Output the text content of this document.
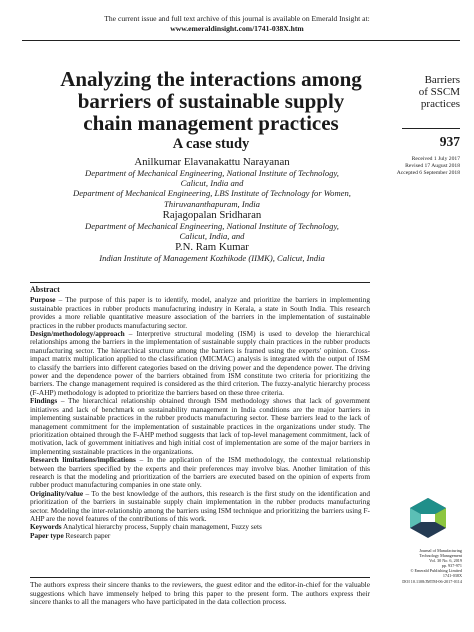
The current issue and full text archive of this journal is available on Emerald Insight at:
www.emeraldinsight.com/1741-038X.htm
Analyzing the interactions among
barriers of sustainable supply
chain management practices
A case study
Anilkumar Elavanakattu Narayanan
Department of Mechanical Engineering, National Institute of Technology,
Calicut, India and
Department of Mechanical Engineering, LBS Institute of Technology for Women,
Thiruvananthapuram, India
Rajagopalan Sridharan
Department of Mechanical Engineering, National Institute of Technology,
Calicut, India, and
P.N. Ram Kumar
Indian Institute of Management Kozhikode (IIMK), Calicut, India
Barriers
of SSCM
practices
937
Received 1 July 2017
Revised 17 August 2018
Accepted 6 September 2018
Abstract

Purpose – The purpose of this paper is to identify, model, analyze and prioritize the barriers in implementing sustainable practices in rubber products manufacturing industry in Kerala, a state in South India. This research provides a more reliable quantitative measure association of the barriers in the implementation of sustainable practices in the rubber products manufacturing sector.

Design/methodology/approach – Interpretive structural modeling (ISM) is used to develop the hierarchical relationships among the barriers in the implementation of sustainable supply chain practices in the rubber products manufacturing sector. The hierarchical structure among the barriers is framed using the experts' opinion. Cross-impact matrix multiplication applied to the classification (MICMAC) analysis is integrated with the output of ISM to classify the barriers into different categories based on the driving power and the dependence power. The driving power and the dependence power of the barriers obtained from ISM constitute two criteria for prioritizing the barriers. The change management required is considered as the third criterion. The fuzzy-analytic hierarchy process (F-AHP) methodology is adopted to prioritize the barriers based on these three criteria.

Findings – The hierarchical relationship obtained through ISM methodology shows that lack of government initiatives and lack of benchmark on sustainability management in India conditions are the major barriers in implementing sustainable practices in the rubber products manufacturing sector. These barriers lead to the lack of management commitment for the implementation of sustainable practices in the organizations under study. The prioritization obtained through the F-AHP method suggests that lack of top-level management commitment, lack of motivation, lack of government initiatives and high initial cost of implementation are some of the major barriers in implementing sustainable practices in the organizations.

Research limitations/implications – In the application of the ISM methodology, the contextual relationship between the barriers specified by the experts and their preferences may involve bias. Another limitation of this research is that the modeling and prioritization of the barriers are executed based on the opinion of experts from rubber product manufacturing companies in one state only.

Originality/value – To the best knowledge of the authors, this research is the first study on the identification and prioritization of the barriers in sustainable supply chain implementation in the rubber products manufacturing sector. Modeling the inter-relationship among the barriers using ISM technique and prioritizing the barriers using F-AHP are the novel features of the contributions of this work.

Keywords Analytical hierarchy process, Supply chain management, Fuzzy sets

Paper type Research paper

Journal of Manufacturing
Technology Management
Vol. 30 No. 6, 2019
pp. 937-971
© Emerald Publishing Limited
1741-038X
DOI 10.1108/JMTM-06-2017-0114
The authors express their sincere thanks to the reviewers, the guest editor and the editor-in-chief for the valuable suggestions which have immensely helped to bring this paper to the present form. The authors express their sincere thanks to all the managers who have participated in the data collection process.
